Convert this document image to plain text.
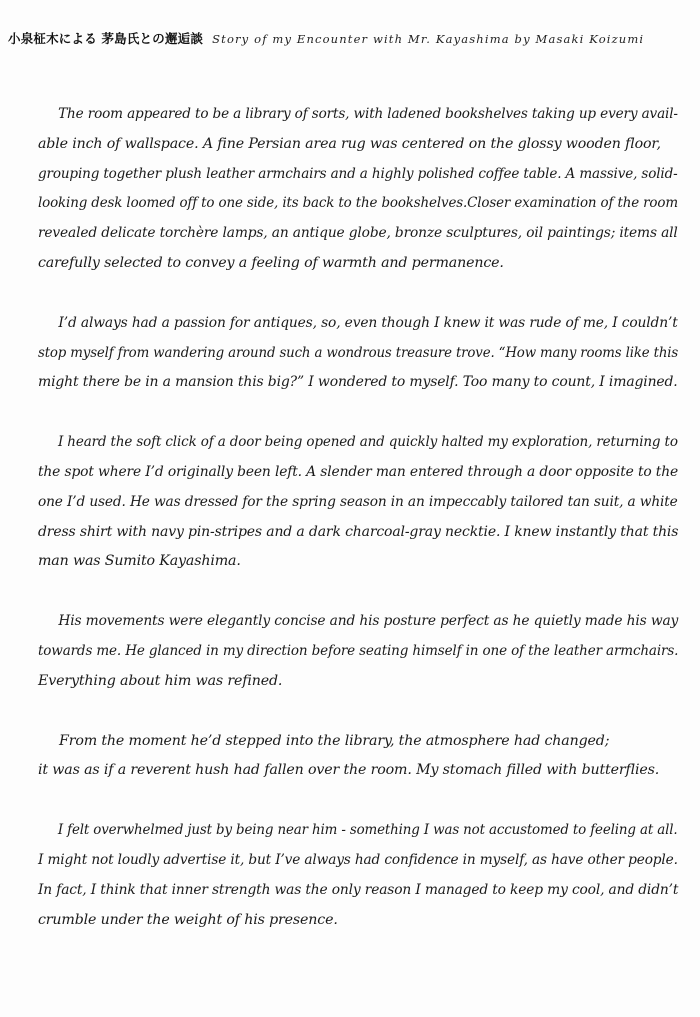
小泉柾木による 茅島氏との邂逅談 Story of my Encounter with Mr. Kayashima by Masaki Koizumi
The room appeared to be a library of sorts, with ladened bookshelves taking up every avail-
able inch of wallspace. A fine Persian area rug was centered on the glossy wooden floor,
grouping together plush leather armchairs and a highly polished coffee table. A massive, solid-
looking desk loomed off to one side, its back to the bookshelves.Closer examination of the room
revealed delicate torchère lamps, an antique globe, bronze sculptures, oil paintings; items all
carefully selected to convey a feeling of warmth and permanence.
I’d always had a passion for antiques, so, even though I knew it was rude of me, I couldn’t
stop myself from wandering around such a wondrous treasure trove. “How many rooms like this
might there be in a mansion this big?” I wondered to myself. Too many to count, I imagined.
I heard the soft click of a door being opened and quickly halted my exploration, returning to
the spot where I’d originally been left. A slender man entered through a door opposite to the
one I’d used. He was dressed for the spring season in an impeccably tailored tan suit, a white
dress shirt with navy pin-stripes and a dark charcoal-gray necktie. I knew instantly that this
man was Sumito Kayashima.
His movements were elegantly concise and his posture perfect as he quietly made his way
towards me. He glanced in my direction before seating himself in one of the leather armchairs.
Everything about him was refined.
From the moment he’d stepped into the library, the atmosphere had changed;
it was as if a reverent hush had fallen over the room. My stomach filled with butterflies.
I felt overwhelmed just by being near him - something I was not accustomed to feeling at all.
I might not loudly advertise it, but I’ve always had confidence in myself, as have other people.
In fact, I think that inner strength was the only reason I managed to keep my cool, and didn’t
crumble under the weight of his presence.
